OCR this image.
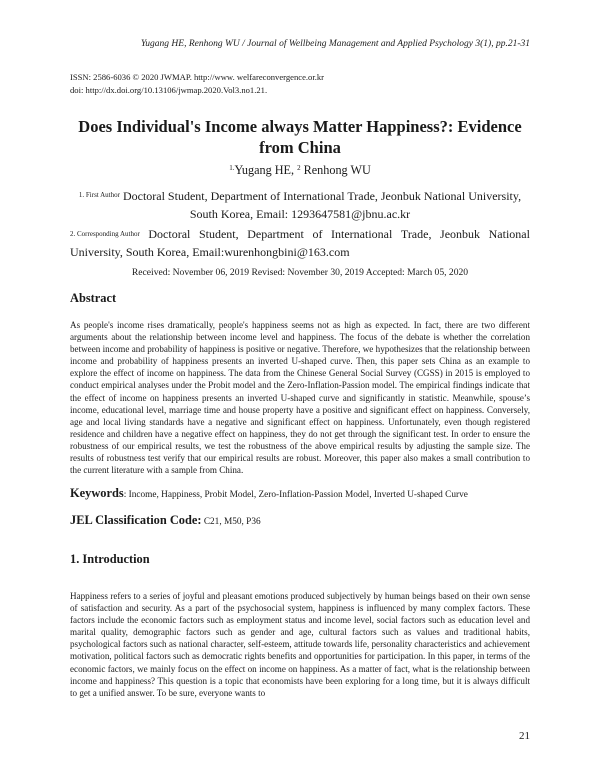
Yugang HE, Renhong WU / Journal of Wellbeing Management and Applied Psychology 3(1), pp.21-31
ISSN: 2586-6036 © 2020 JWMAP. http://www. welfareconvergence.or.kr
doi: http://dx.doi.org/10.13106/jwmap.2020.Vol3.no1.21.
Does Individual's Income always Matter Happiness?: Evidence from China
$^{1.}$Yugang HE, $^2$ Renhong WU
$^{1. First Author}$ Doctoral Student, Department of International Trade, Jeonbuk National University,
South Korea, Email: 1293647581@jbnu.ac.kr
2. Corresponding Author Doctoral Student, Department of International Trade, Jeonbuk National
University, South Korea, Email:wurenhongbini@163.com
Received: November 06, 2019 Revised: November 30, 2019 Accepted: March 05, 2020
Abstract

As people's income rises dramatically, people's happiness seems not as high as expected. In fact, there are two different arguments about the relationship between income level and happiness. The focus of the debate is whether the correlation between income and probability of happiness is positive or negative. Therefore, we hypothesizes that the relationship between income and probability of happiness presents an inverted U-shaped curve. Then, this paper sets China as an example to explore the effect of income on happiness. The data from the Chinese General Social Survey (CGSS) in 2015 is employed to conduct empirical analyses under the Probit model and the Zero-Inflation-Passion model. The empirical findings indicate that the effect of income on happiness presents an inverted U-shaped curve and significantly in statistic. Meanwhile, spouse’s income, educational level, marriage time and house property have a positive and significant effect on happiness. Conversely, age and local living standards have a negative and significant effect on happiness. Unfortunately, even though registered residence and children have a negative effect on happiness, they do not get through the significant test. In order to ensure the robustness of our empirical results, we test the robustness of the above empirical results by adjusting the sample size. The results of robustness test verify that our empirical results are robust. Moreover, this paper also makes a small contribution to the current literature with a sample from China.

Keywords: Income, Happiness, Probit Model, Zero-Inflation-Passion Model, Inverted U-shaped Curve
JEL Classification Code: C21, M50, P36
1. Introduction

Happiness refers to a series of joyful and pleasant emotions produced subjectively by human beings based on their own sense of satisfaction and security. As a part of the psychosocial system, happiness is influenced by many complex factors. These factors include the economic factors such as employment status and income level, social factors such as education level and marital quality, demographic factors such as gender and age, cultural factors such as values and traditional habits, psychological factors such as national character, self-esteem, attitude towards life, personality characteristics and achievement motivation, political factors such as democratic rights benefits and opportunities for participation. In this paper, in terms of the economic factors, we mainly focus on the effect on income on happiness. As a matter of fact, what is the relationship between income and happiness? This question is a topic that economists have been exploring for a long time, but it is always difficult to get a unified answer. To be sure, everyone wants to

21
